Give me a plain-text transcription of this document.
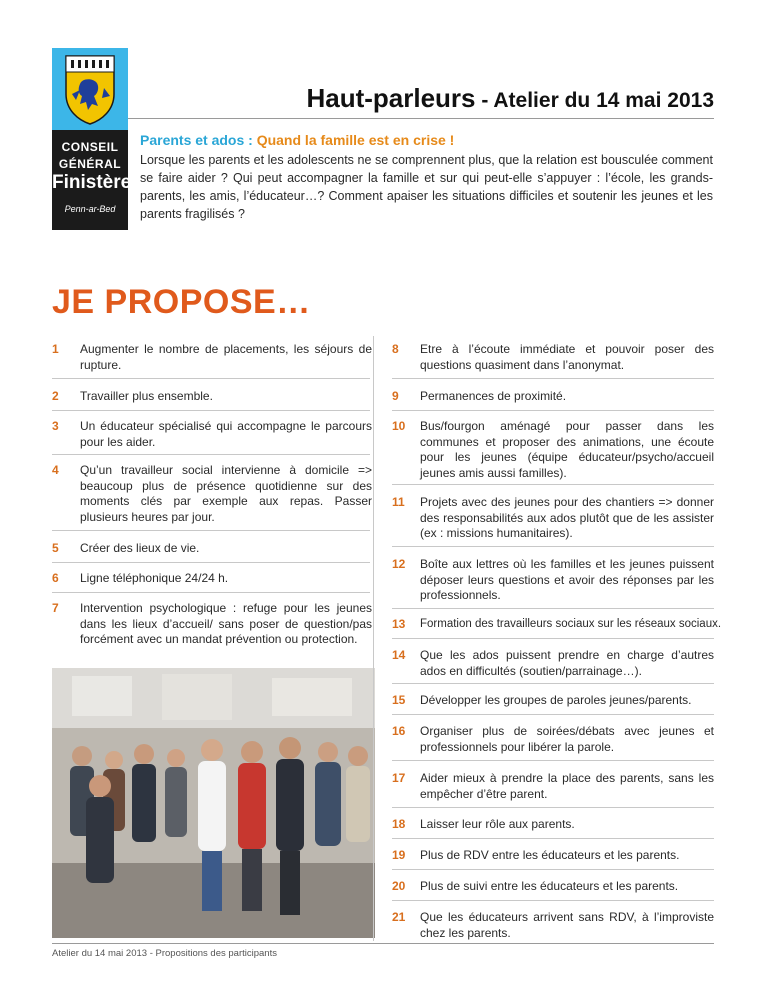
CONSEIL
GÉNÉRAL
Finistère
Penn-ar-Bed
Haut-parleurs - Atelier du 14 mai 2013
Parents et ados : Quand la famille est en crise !
Lorsque les parents et les adolescents ne se comprennent plus, que la relation est bousculée comment se faire aider ? Qui peut accompagner la famille et sur qui peut-elle s’appuyer : l’école, les grands-parents, les amis, l’éducateur…? Comment apaiser les situations difficiles et soutenir les jeunes et les parents fragilisés ?
JE PROPOSE…
1	Augmenter le nombre de placements, les séjours de rupture.
2	Travailler plus ensemble.
3	Un éducateur spécialisé qui accompagne le parcours pour les aider.
4	Qu’un travailleur social intervienne à domicile => beaucoup plus de présence quotidienne sur des moments clés par exemple aux repas. Passer plusieurs heures par jour.
5	Créer des lieux de vie.
6	Ligne téléphonique 24/24 h.
7	Intervention psychologique : refuge pour les jeunes dans les lieux d’accueil/ sans poser de question/pas forcément avec un mandat prévention ou protection.
8	Etre à l’écoute immédiate et pouvoir poser des questions quasiment dans l’anonymat.
9	Permanences de proximité.
10	Bus/fourgon aménagé pour passer dans les communes et proposer des animations, une écoute pour les jeunes (équipe éducateur/psycho/accueil jeunes amis aussi familles).
11	Projets avec des jeunes pour des chantiers => donner des responsabilités aux ados plutôt que de les assister (ex : missions humanitaires).
12	Boîte aux lettres où les familles et les jeunes puissent déposer leurs questions et avoir des réponses par les professionnels.
13	Formation des travailleurs sociaux sur les réseaux sociaux.
14	Que les ados puissent prendre en charge d’autres ados en difficultés (soutien/parrainage…).
15	Développer les groupes de paroles jeunes/parents.
16	Organiser plus de soirées/débats avec jeunes et professionnels pour libérer la parole.
17	Aider mieux à prendre la place des parents, sans les empêcher d’être parent.
18	Laisser leur rôle aux parents.
19	Plus de RDV entre les éducateurs et les parents.
20	Plus de suivi entre les éducateurs et les parents.
21	Que les éducateurs arrivent sans RDV, à l’improviste chez les parents.
Atelier du 14 mai 2013 - Propositions des participants
